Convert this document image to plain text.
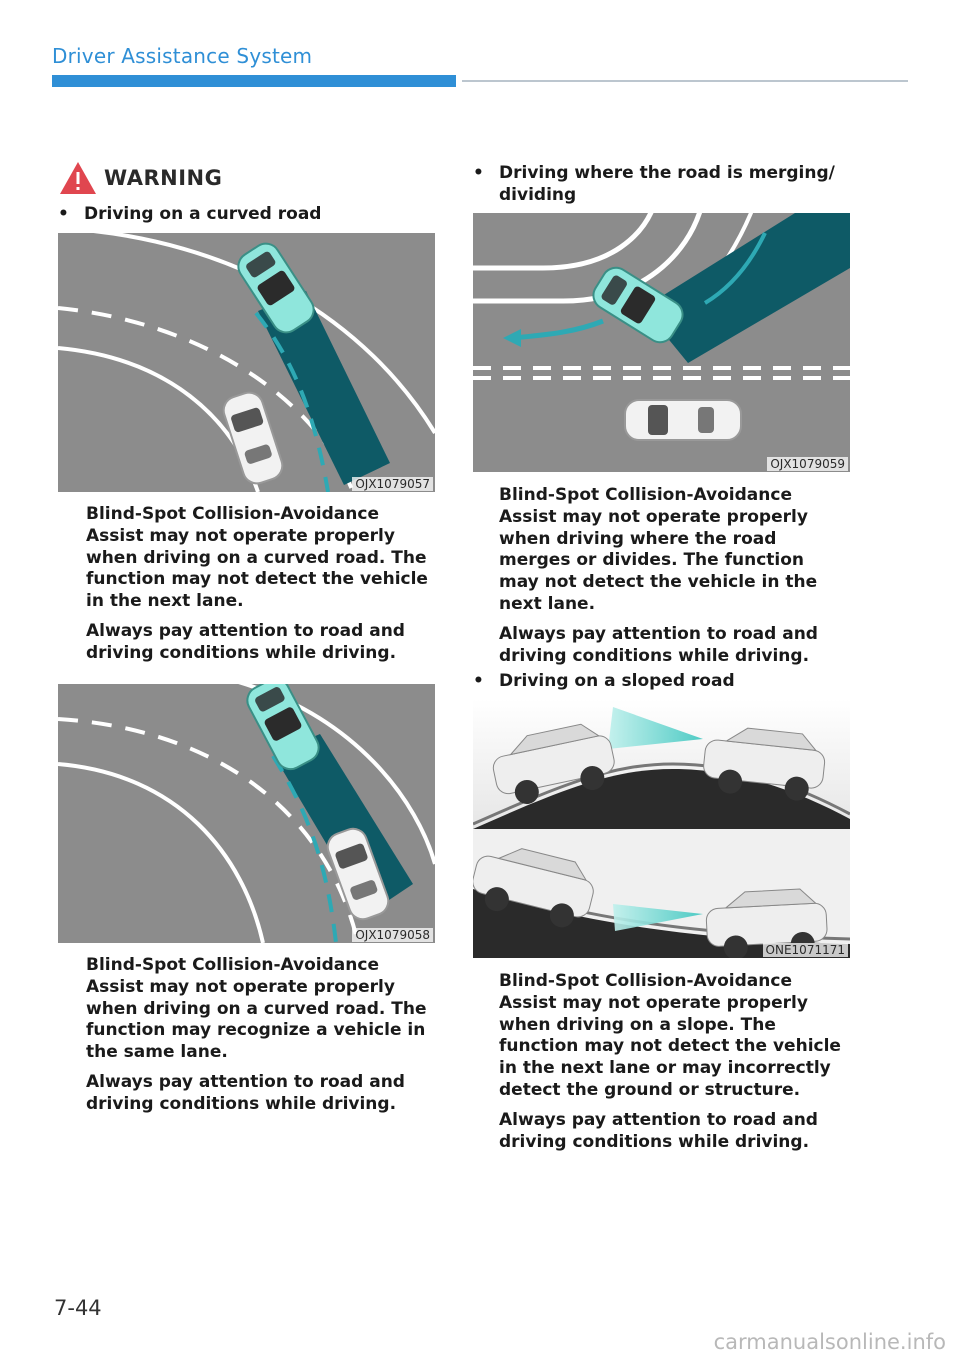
Driver Assistance System
WARNING
• Driving on a curved road
OJX1079057

Blind-Spot Collision-Avoidance Assist may not operate properly when driving on a curved road. The function may not detect the vehicle in the next lane.

Always pay attention to road and driving conditions while driving.

OJX1079058

Blind-Spot Collision-Avoidance Assist may not operate properly when driving on a curved road. The function may recognize a vehicle in the same lane.

Always pay attention to road and driving conditions while driving.

• Driving where the road is merging/ dividing
OJX1079059

Blind-Spot Collision-Avoidance Assist may not operate properly when driving where the road merges or divides. The function may not detect the vehicle in the next lane.

Always pay attention to road and driving conditions while driving.

• Driving on a sloped road
ONE1071171

Blind-Spot Collision-Avoidance Assist may not operate properly when driving on a slope. The function may not detect the vehicle in the next lane or may incorrectly detect the ground or structure.

Always pay attention to road and driving conditions while driving.

7-44
carmanualsonline.info
